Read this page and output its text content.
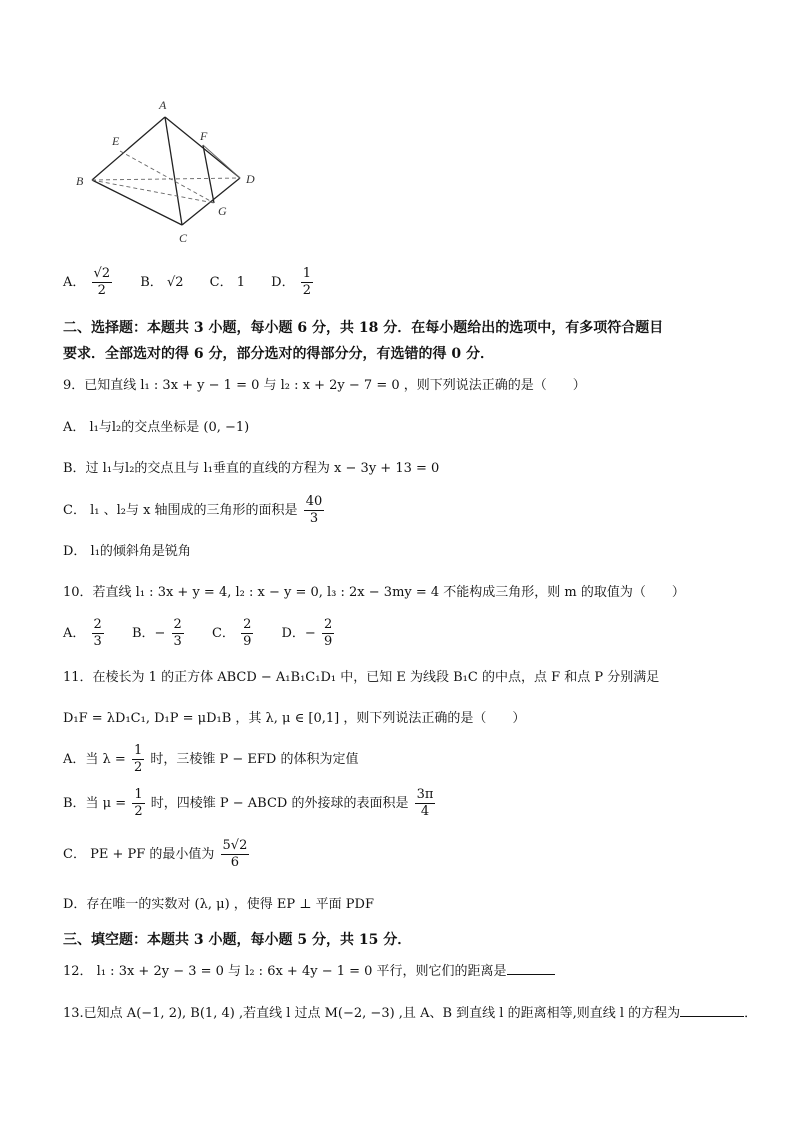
A
B
C
D
E	F
G
A． $\frac{√2}{2}$ B． √2 C． 1 D． $\frac{1}{2}$
二、选择题：本题共 3 小题，每小题 6 分，共 18 分．在每小题给出的选项中，有多项符合题目
要求．全部选对的得 6 分，部分选对的得部分分，有选错的得 0 分．
9．已知直线 l₁ : 3x + y − 1 = 0 与 l₂ : x + 2y − 7 = 0 ，则下列说法正确的是（　　）
A． l₁与l₂的交点坐标是 (0, −1)
B．过 l₁与l₂的交点且与 l₁垂直的直线的方程为 x − 3y + 13 = 0
C． l₁ 、l₂与 x 轴围成的三角形的面积是 $\frac{40}{3}$
D． l₁的倾斜角是锐角
10．若直线 l₁ : 3x + y = 4, l₂ : x − y = 0, l₃ : 2x − 3my = 4 不能构成三角形，则 m 的取值为（　　）
A． $\frac{2}{3}$ B．− $\frac{2}{3}$ C． $\frac{2}{9}$ D．− $\frac{2}{9}$
11．在棱长为 1 的正方体 ABCD − A₁B₁C₁D₁ 中，已知 E 为线段 B₁C 的中点，点 F 和点 P 分别满足
D₁F = λD₁C₁, D₁P = μD₁B ，其 λ, μ ∈ [0,1] ，则下列说法正确的是（　　）
A．当 $\lambda = \frac{1}{2}$ 时，三棱锥 P − EFD 的体积为定值
B．当 $\mu = \frac{1}{2}$ 时，四棱锥 P − ABCD 的外接球的表面积是 $\frac{3\pi}{4}$
C． PE + PF 的最小值为 $\frac{5√2}{6}$
D．存在唯一的实数对 (λ, μ) ，使得 EP ⊥ 平面 PDF
三、填空题：本题共 3 小题，每小题 5 分，共 15 分．
12． l₁ : 3x + 2y − 3 = 0 与 l₂ : 6x + 4y − 1 = 0 平行，则它们的距离是
13.已知点 A(−1, 2), B(1, 4) ,若直线 l 过点 M(−2, −3) ,且 A、B 到直线 l 的距离相等,则直线 l 的方程为	．
